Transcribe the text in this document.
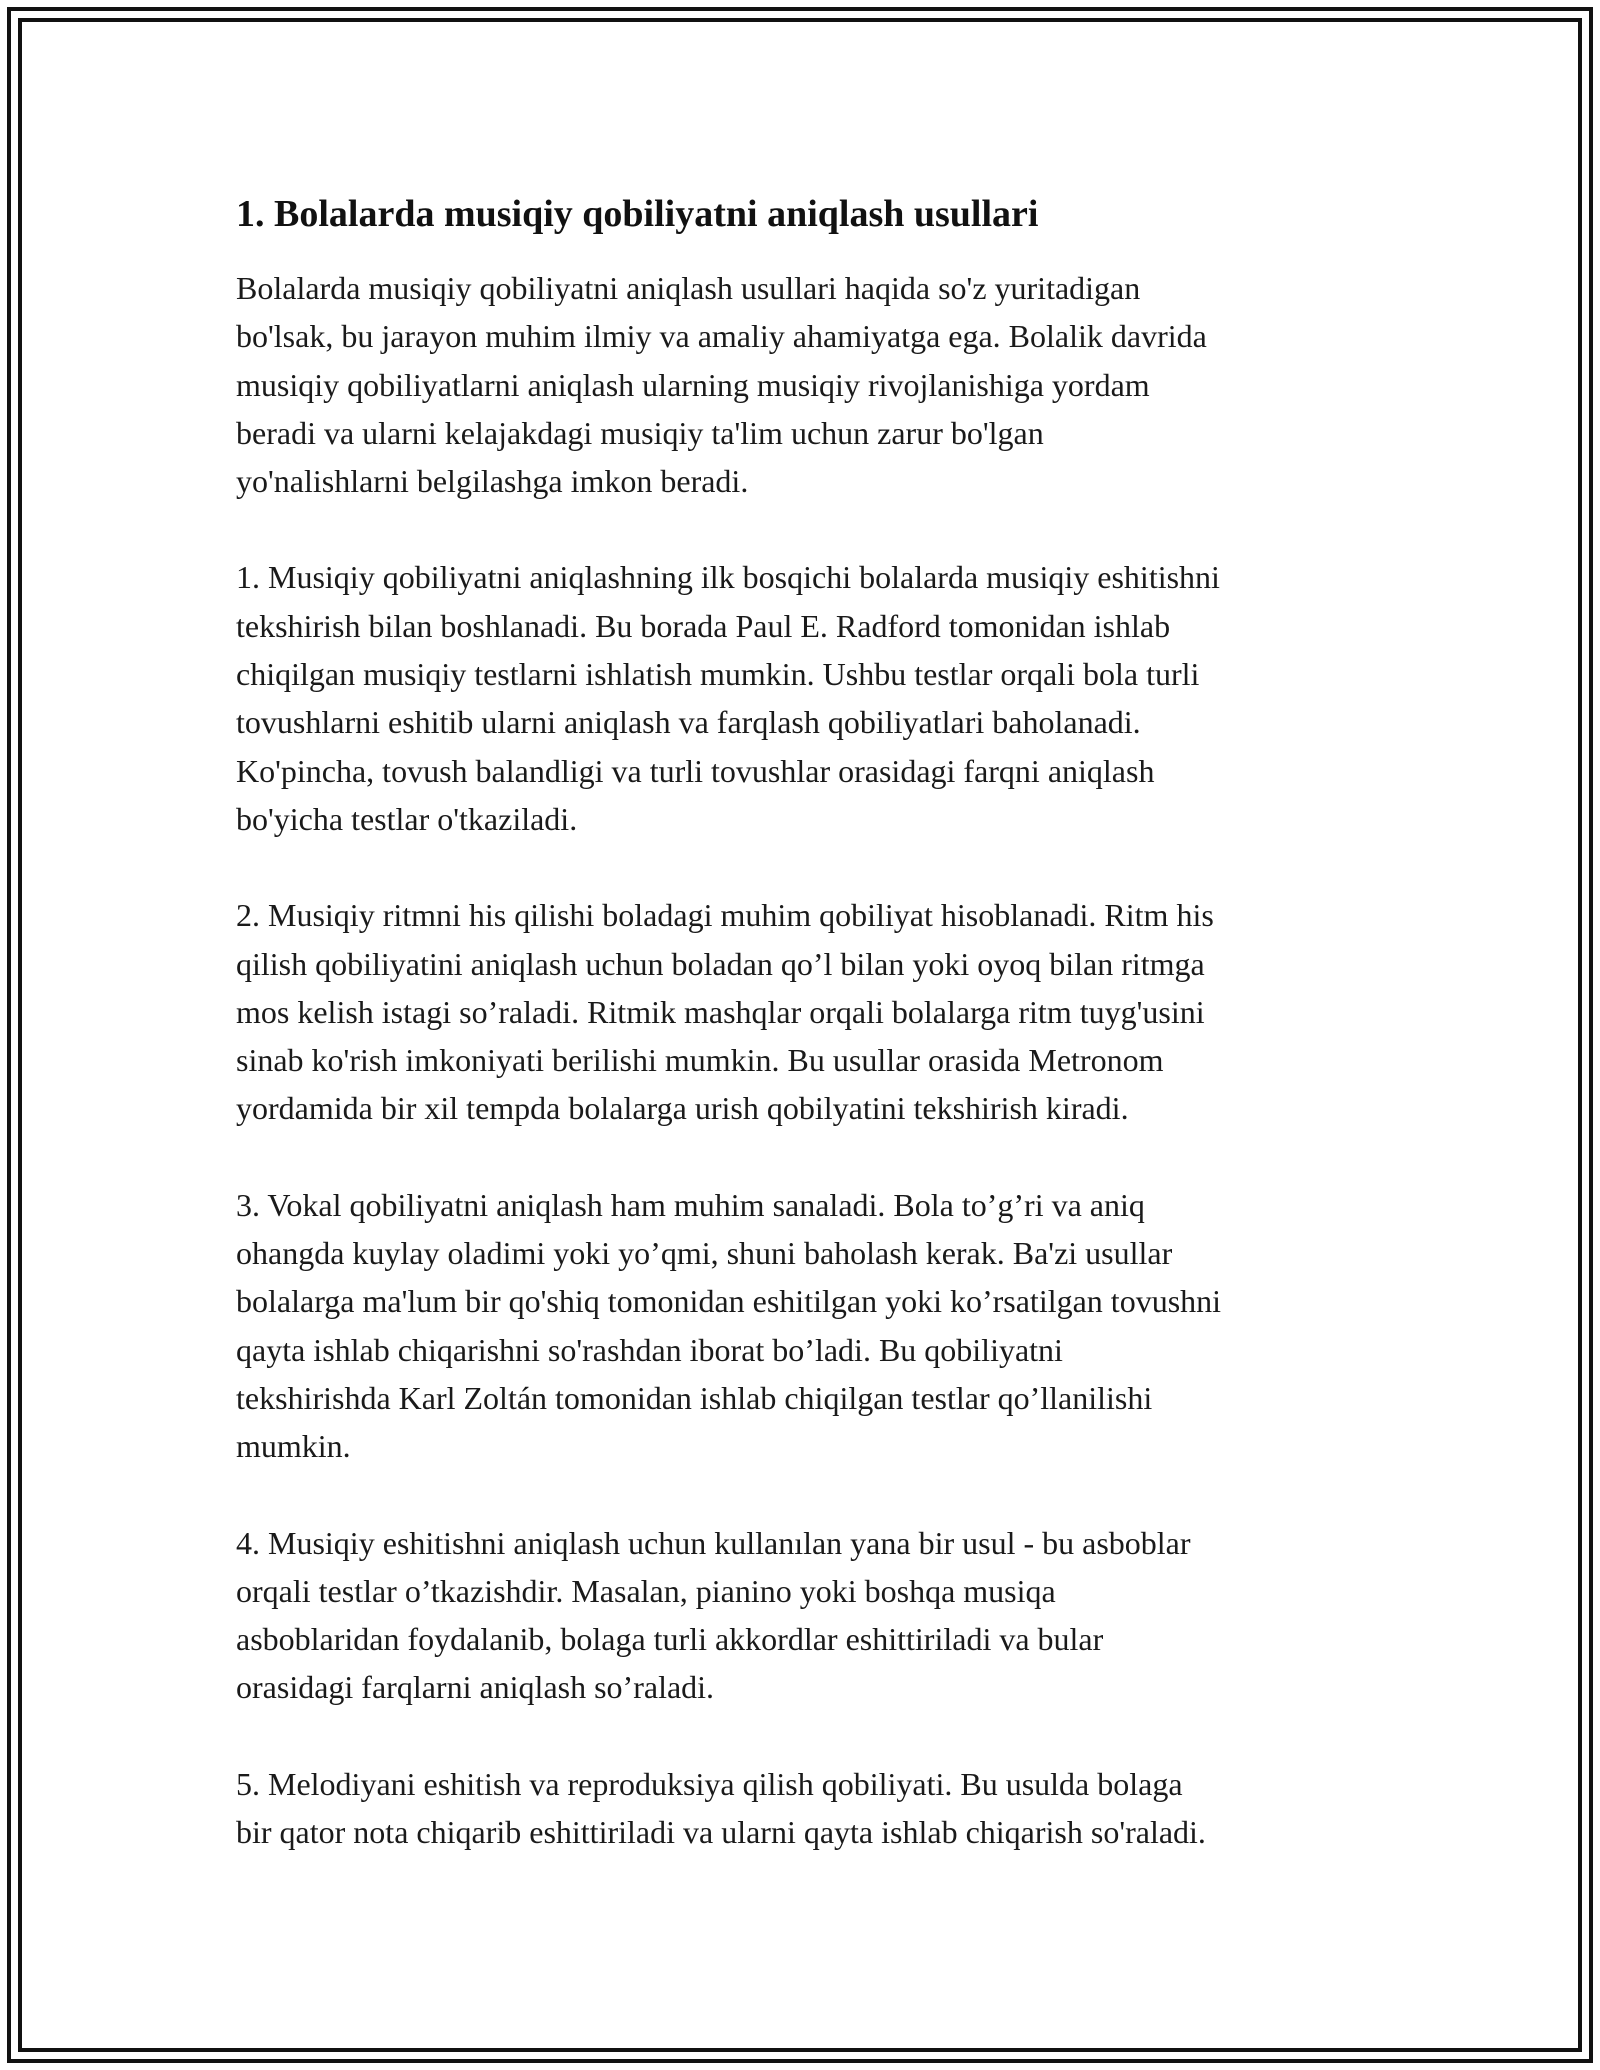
1. Bolalarda musiqiy qobiliyatni aniqlash usullari

Bolalarda musiqiy qobiliyatni aniqlash usullari haqida so'z yuritadigan
bo'lsak, bu jarayon muhim ilmiy va amaliy ahamiyatga ega. Bolalik davrida
musiqiy qobiliyatlarni aniqlash ularning musiqiy rivojlanishiga yordam
beradi va ularni kelajakdagi musiqiy ta'lim uchun zarur bo'lgan
yo'nalishlarni belgilashga imkon beradi.

1. Musiqiy qobiliyatni aniqlashning ilk bosqichi bolalarda musiqiy eshitishni
tekshirish bilan boshlanadi. Bu borada Paul E. Radford tomonidan ishlab
chiqilgan musiqiy testlarni ishlatish mumkin. Ushbu testlar orqali bola turli
tovushlarni eshitib ularni aniqlash va farqlash qobiliyatlari baholanadi.
Ko'pincha, tovush balandligi va turli tovushlar orasidagi farqni aniqlash
bo'yicha testlar o'tkaziladi.

2. Musiqiy ritmni his qilishi boladagi muhim qobiliyat hisoblanadi. Ritm his
qilish qobiliyatini aniqlash uchun boladan qo’l bilan yoki oyoq bilan ritmga
mos kelish istagi so’raladi. Ritmik mashqlar orqali bolalarga ritm tuyg'usini
sinab ko'rish imkoniyati berilishi mumkin. Bu usullar orasida Metronom
yordamida bir xil tempda bolalarga urish qobilyatini tekshirish kiradi.

3. Vokal qobiliyatni aniqlash ham muhim sanaladi. Bola to’g’ri va aniq
ohangda kuylay oladimi yoki yo’qmi, shuni baholash kerak. Ba'zi usullar
bolalarga ma'lum bir qo'shiq tomonidan eshitilgan yoki ko’rsatilgan tovushni
qayta ishlab chiqarishni so'rashdan iborat bo’ladi. Bu qobiliyatni
tekshirishda Karl Zoltán tomonidan ishlab chiqilgan testlar qo’llanilishi
mumkin.

4. Musiqiy eshitishni aniqlash uchun kullanılan yana bir usul - bu asboblar
orqali testlar o’tkazishdir. Masalan, pianino yoki boshqa musiqa
asboblaridan foydalanib, bolaga turli akkordlar eshittiriladi va bular
orasidagi farqlarni aniqlash so’raladi.

5. Melodiyani eshitish va reproduksiya qilish qobiliyati. Bu usulda bolaga
bir qator nota chiqarib eshittiriladi va ularni qayta ishlab chiqarish so'raladi.
